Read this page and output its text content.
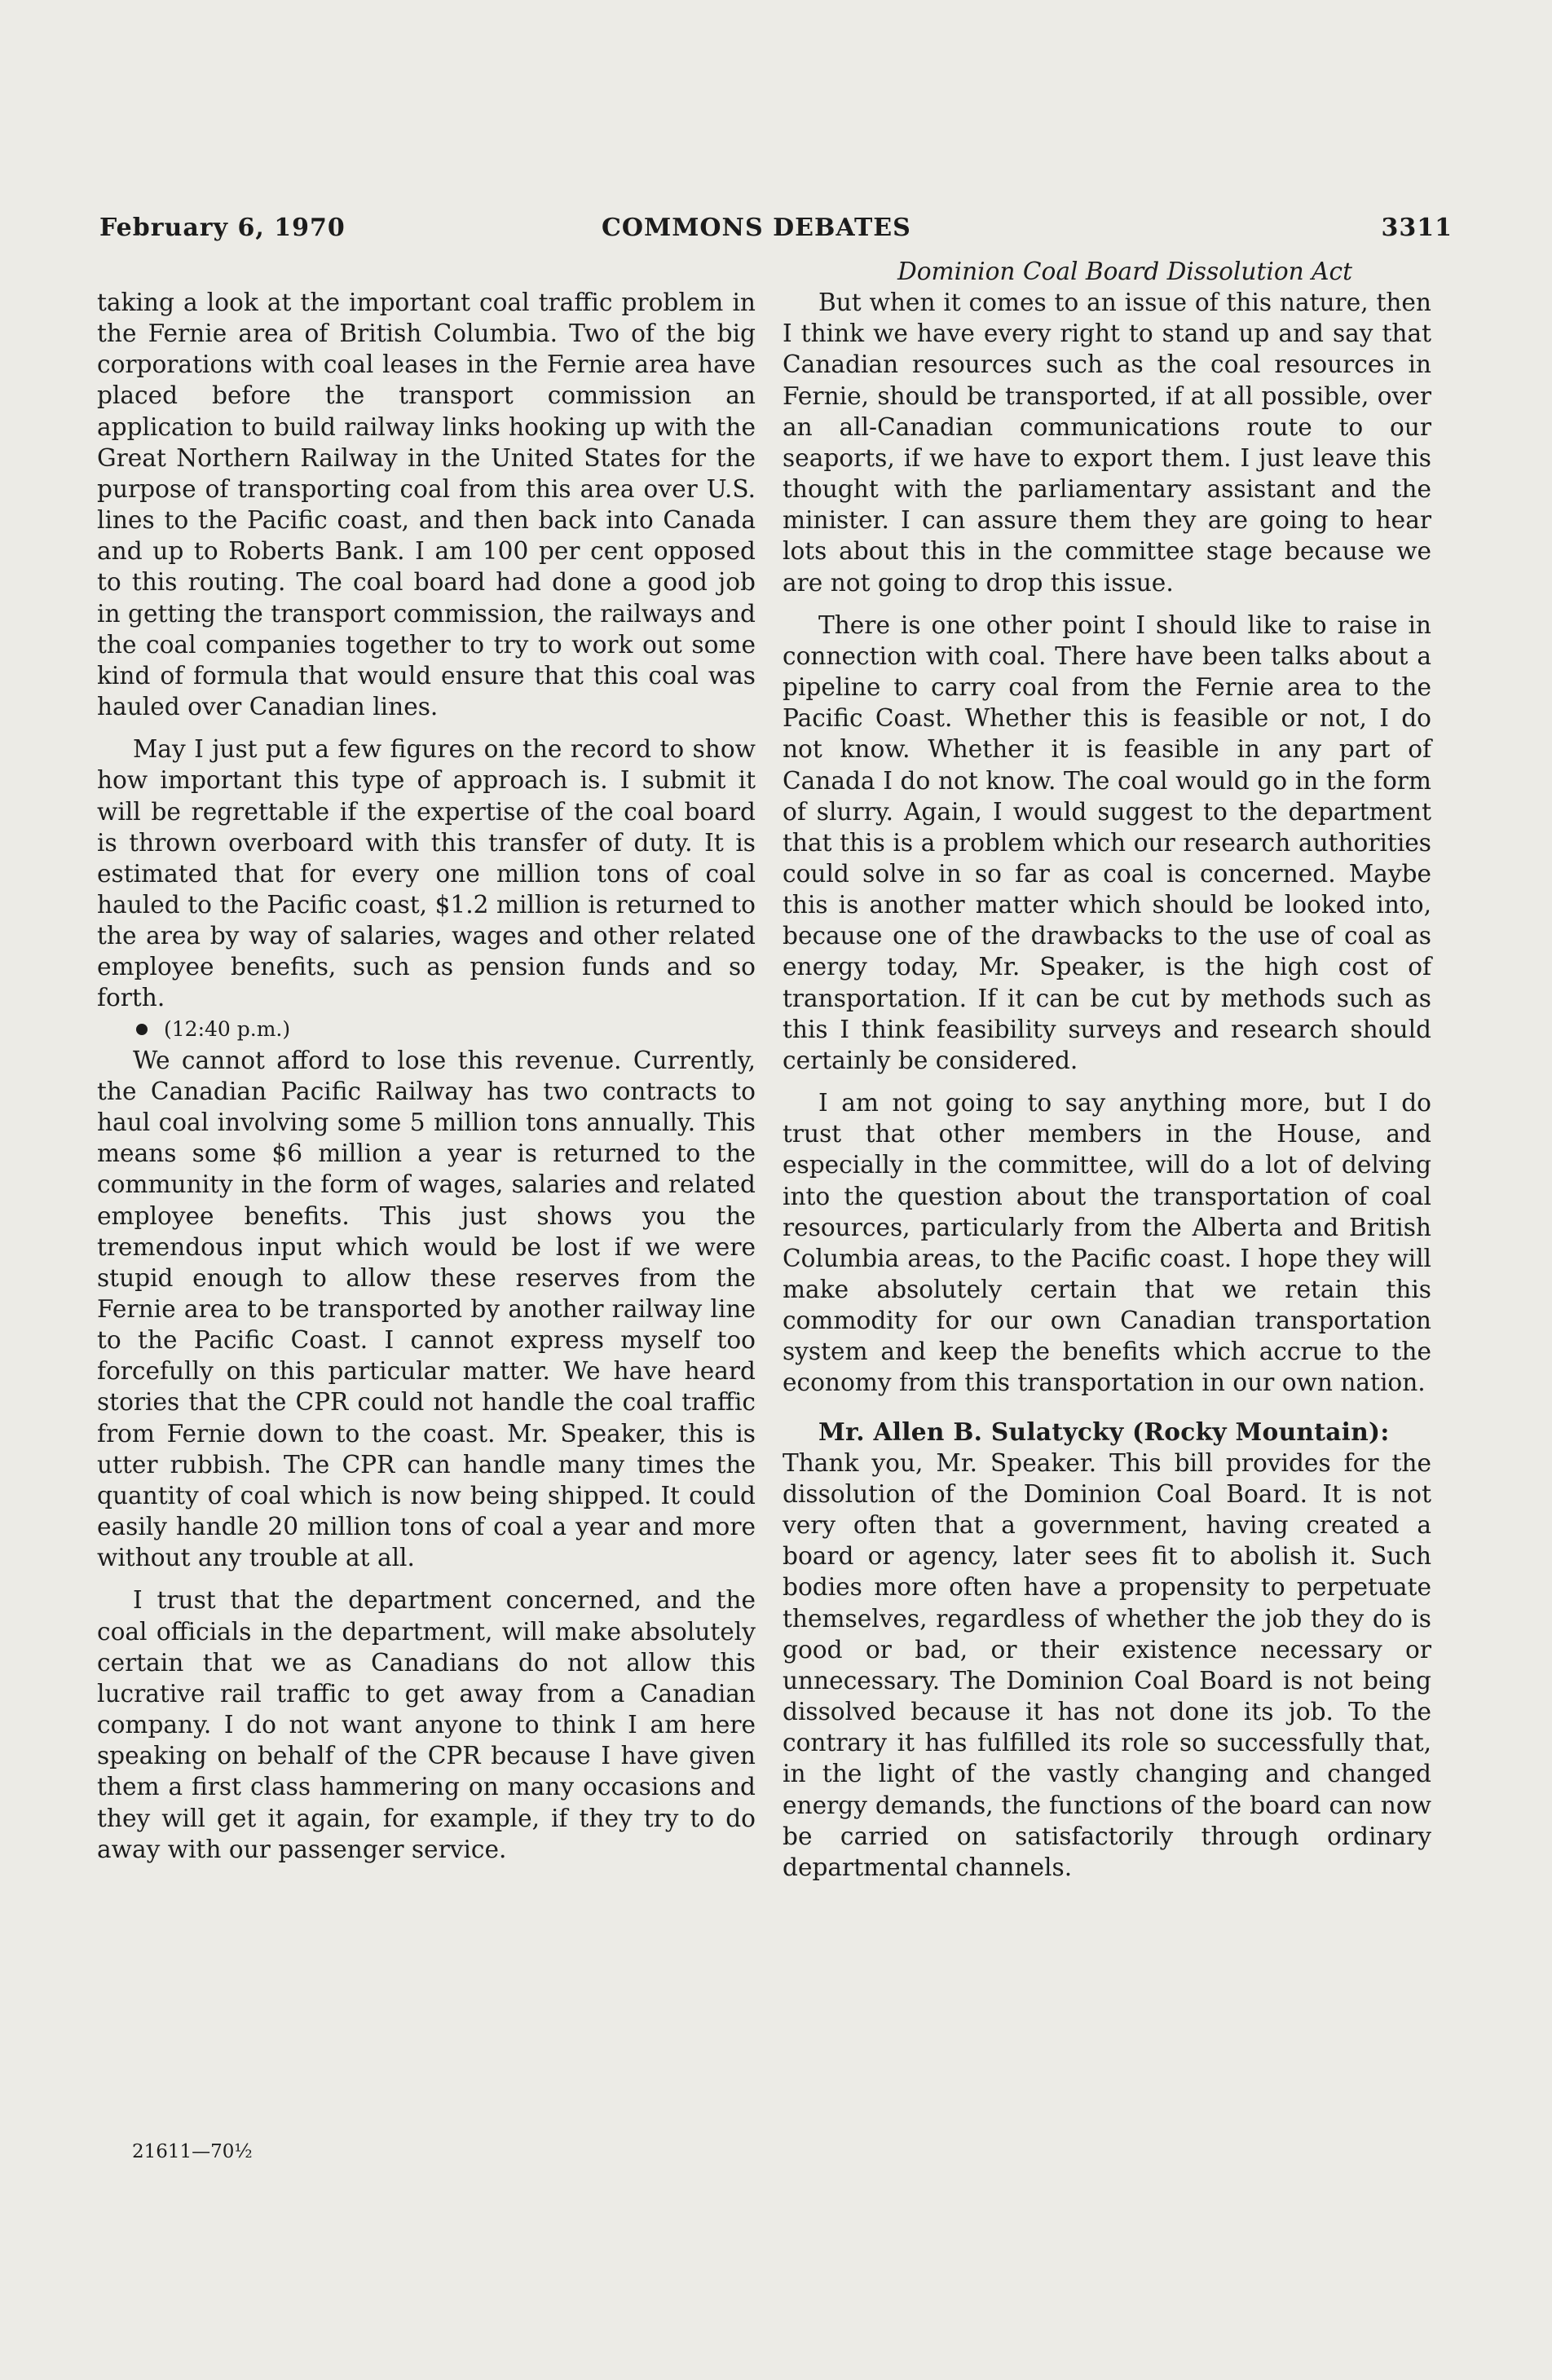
February 6, 1970	COMMONS DEBATES	3311

taking a look at the important coal traffic problem in the Fernie area of British Columbia. Two of the big corporations with coal leases in the Fernie area have placed before the transport commission an application to build railway links hooking up with the Great Northern Railway in the United States for the purpose of transporting coal from this area over U.S. lines to the Pacific coast, and then back into Canada and up to Roberts Bank. I am 100 per cent opposed to this routing. The coal board had done a good job in getting the transport commission, the railways and the coal companies together to try to work out some kind of formula that would ensure that this coal was hauled over Canadian lines.

May I just put a few figures on the record to show how important this type of approach is. I submit it will be regrettable if the expertise of the coal board is thrown overboard with this transfer of duty. It is estimated that for every one million tons of coal hauled to the Pacific coast, $1.2 million is returned to the area by way of salaries, wages and other related employee benefits, such as pension funds and so forth.

(12:40 p.m.)

We cannot afford to lose this revenue. Currently, the Canadian Pacific Railway has two contracts to haul coal involving some 5 million tons annually. This means some $6 million a year is returned to the community in the form of wages, salaries and related employee benefits. This just shows you the tremendous input which would be lost if we were stupid enough to allow these reserves from the Fernie area to be transported by another railway line to the Pacific Coast. I cannot express myself too forcefully on this particular matter. We have heard stories that the CPR could not handle the coal traffic from Fernie down to the coast. Mr. Speaker, this is utter rubbish. The CPR can handle many times the quantity of coal which is now being shipped. It could easily handle 20 million tons of coal a year and more without any trouble at all.

I trust that the department concerned, and the coal officials in the department, will make absolutely certain that we as Canadians do not allow this lucrative rail traffic to get away from a Canadian company. I do not want anyone to think I am here speaking on behalf of the CPR because I have given them a first class hammering on many occasions and they will get it again, for example, if they try to do away with our passenger service.

Dominion Coal Board Dissolution Act

But when it comes to an issue of this nature, then I think we have every right to stand up and say that Canadian resources such as the coal resources in Fernie, should be transported, if at all possible, over an all-Canadian communications route to our seaports, if we have to export them. I just leave this thought with the parliamentary assistant and the minister. I can assure them they are going to hear lots about this in the committee stage because we are not going to drop this issue.

There is one other point I should like to raise in connection with coal. There have been talks about a pipeline to carry coal from the Fernie area to the Pacific Coast. Whether this is feasible or not, I do not know. Whether it is feasible in any part of Canada I do not know. The coal would go in the form of slurry. Again, I would suggest to the department that this is a problem which our research authorities could solve in so far as coal is concerned. Maybe this is another matter which should be looked into, because one of the drawbacks to the use of coal as energy today, Mr. Speaker, is the high cost of transportation. If it can be cut by methods such as this I think feasibility surveys and research should certainly be considered.

I am not going to say anything more, but I do trust that other members in the House, and especially in the committee, will do a lot of delving into the question about the transportation of coal resources, particularly from the Alberta and British Columbia areas, to the Pacific coast. I hope they will make absolutely certain that we retain this commodity for our own Canadian transportation system and keep the benefits which accrue to the economy from this transportation in our own nation.

Mr. Allen B. Sulatycky (Rocky Mountain):
Thank you, Mr. Speaker. This bill provides for the dissolution of the Dominion Coal Board. It is not very often that a government, having created a board or agency, later sees fit to abolish it. Such bodies more often have a propensity to perpetuate themselves, regardless of whether the job they do is good or bad, or their existence necessary or unnecessary. The Dominion Coal Board is not being dissolved because it has not done its job. To the contrary it has fulfilled its role so successfully that, in the light of the vastly changing and changed energy demands, the functions of the board can now be carried on satisfactorily through ordinary departmental channels.

21611—70½
